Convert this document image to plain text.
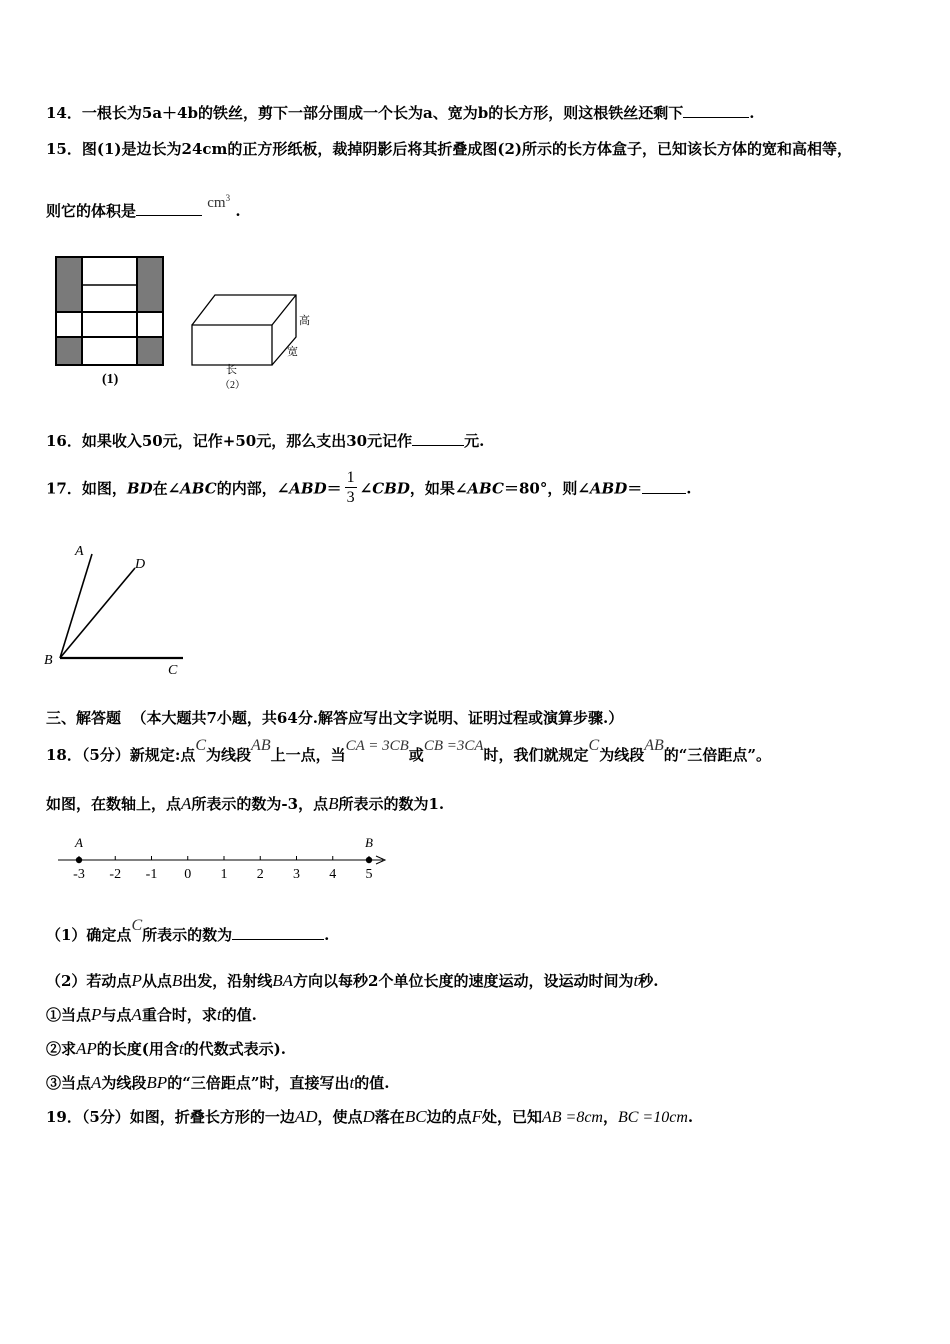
14．一根长为5a＋4b的铁丝，剪下一部分围成一个长为a、宽为b的长方形，则这根铁丝还剩下	.
15．图(1)是边长为24cm的正方形纸板，裁掉阴影后将其折叠成图(2)所示的长方体盒子，已知该长方体的宽和高相等，
则它的体积是	$cm^3$ .
(1)
高
宽
长
（2）
16．如果收入50元，记作+50元，那么支出30元记作	元.
17．如图，BD在∠ABC的内部，∠ABD＝ $\frac{1}{3}$ ∠CBD，如果∠ABC＝80°，则∠ABD＝	.
A
D
B
C
三、解答题 （本大题共7小题，共64分.解答应写出文字说明、证明过程或演算步骤.）
18．（5分）新规定:点C为线段AB上一点，当CA = 3CB或CB =3CA时，我们就规定C为线段AB的“三倍距点”。
如图，在数轴上，点A所表示的数为-3，点B所表示的数为1.
-3 -2 -1 0 1 2 3 4 5
A	B
（1）确定点C所表示的数为	.
（2）若动点P从点B出发，沿射线BA方向以每秒2个单位长度的速度运动，设运动时间为t秒.
①当点P与点A重合时，求t的值.
②求AP的长度(用含t的代数式表示).
③当点A为线段BP的“三倍距点”时，直接写出t的值.
19．（5分）如图，折叠长方形的一边AD，使点D落在BC边的点F处，已知AB =8cm，BC =10cm.
